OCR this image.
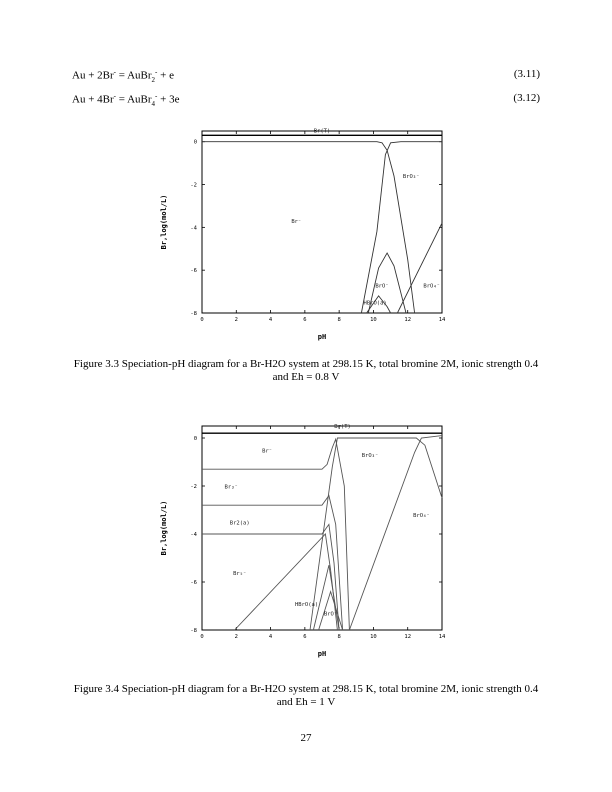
Au + 2Br- = AuBr$_2$- + e	(3.11)
Au + 4Br- = AuBr$_4$- + 3e	(3.12)
0	2	4	6	8	10	12	14
0
-2
-4
-6
-8
pH
Br,log(mol/L)
Br(T)
Br⁻
BrO₃⁻
BrO⁻	BrO₄⁻
HBrO(a)
Figure 3.3 Speciation-pH diagram for a Br-H2O system at 298.15 K, total bromine 2M, ionic strength 0.4 and Eh = 0.8 V
0	2	4	6	8	10	12	14
0
-2
-4
-6
-8
pH
Br,log(mol/L)
Br(T)
Br⁻
BrO₃⁻
Br₃⁻
BrO₄⁻
Br2(a)
Br₅⁻
HBrO(a)
BrO⁻
Figure 3.4 Speciation-pH diagram for a Br-H2O system at 298.15 K, total bromine 2M, ionic strength 0.4 and Eh = 1 V
27
